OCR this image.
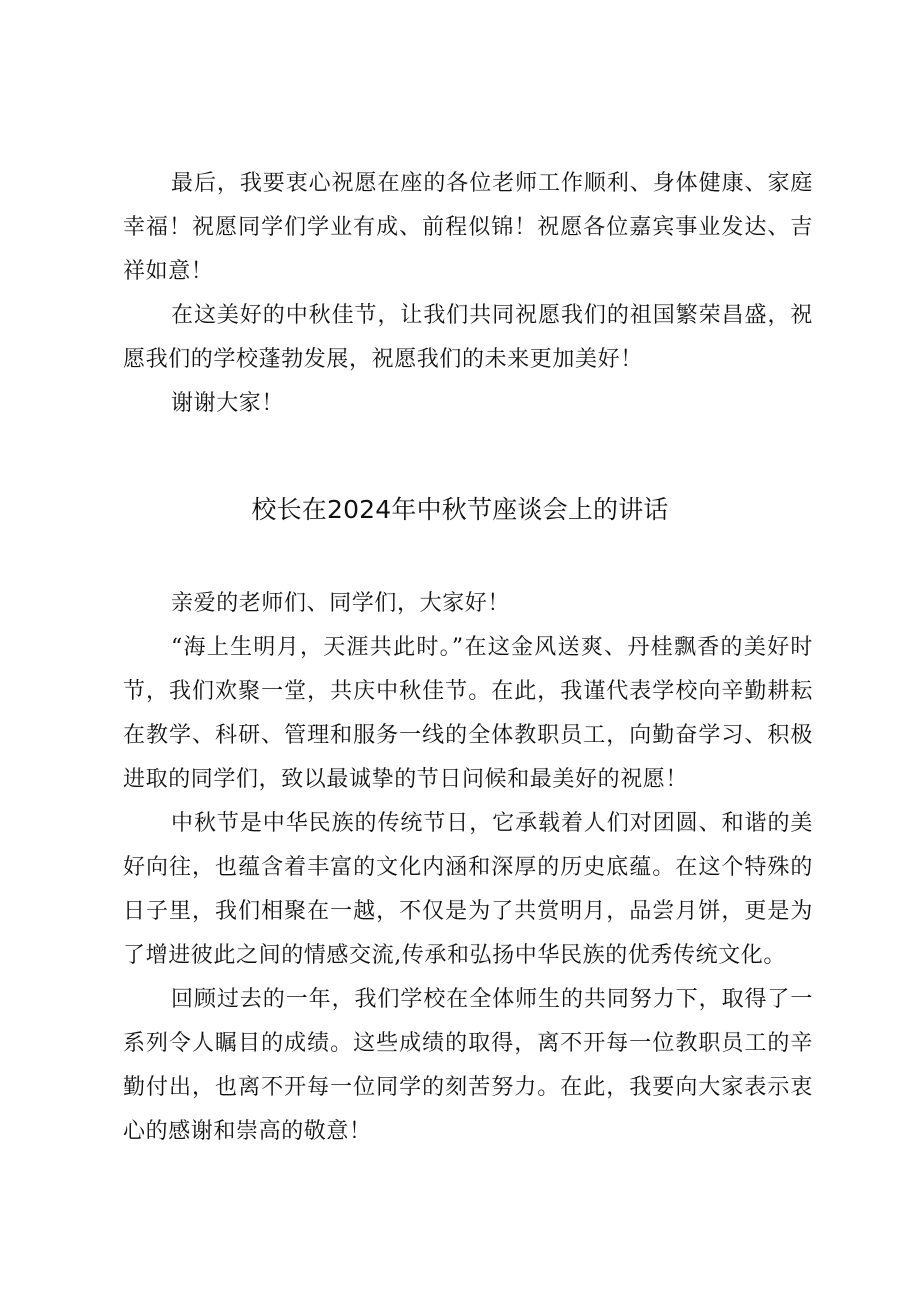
最后，我要衷心祝愿在座的各位老师工作顺利、身体健康、家庭幸福！祝愿同学们学业有成、前程似锦！祝愿各位嘉宾事业发达、吉祥如意！

在这美好的中秋佳节，让我们共同祝愿我们的祖国繁荣昌盛，祝愿我们的学校蓬勃发展，祝愿我们的未来更加美好！

谢谢大家！

校长在2024年中秋节座谈会上的讲话

亲爱的老师们、同学们，大家好！

“海上生明月，天涯共此时。”在这金风送爽、丹桂飘香的美好时节，我们欢聚一堂，共庆中秋佳节。在此，我谨代表学校向辛勤耕耘在教学、科研、管理和服务一线的全体教职员工，向勤奋学习、积极进取的同学们，致以最诚挚的节日问候和最美好的祝愿！

中秋节是中华民族的传统节日，它承载着人们对团圆、和谐的美好向往，也蕴含着丰富的文化内涵和深厚的历史底蕴。在这个特殊的日子里，我们相聚在一越，不仅是为了共赏明月，品尝月饼，更是为了增进彼此之间的情感交流,传承和弘扬中华民族的优秀传统文化。

回顾过去的一年，我们学校在全体师生的共同努力下，取得了一系列令人瞩目的成绩。这些成绩的取得，离不开每一位教职员工的辛勤付出，也离不开每一位同学的刻苦努力。在此，我要向大家表示衷心的感谢和崇高的敬意！
